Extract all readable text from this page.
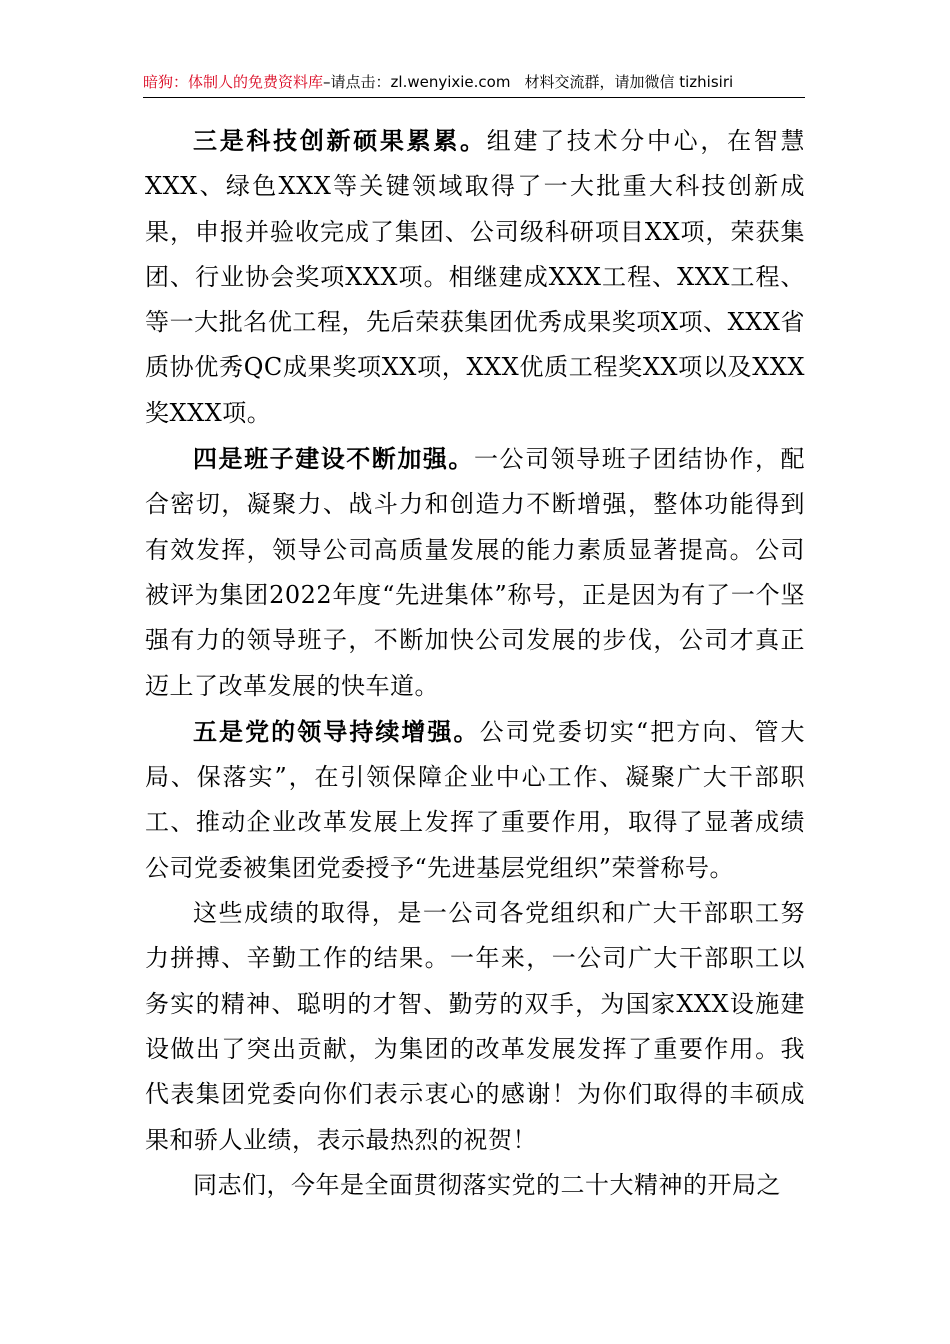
暗狗：体制人的免费资料库–请点击：zl.wenyixie.com 材料交流群，请加微信 tizhisiri

三是科技创新硕果累累。组建了技术分中心，在智慧XXX、绿色XXX等关键领域取得了一大批重大科技创新成果，申报并验收完成了集团、公司级科研项目XX项，荣获集团、行业协会奖项XXX项。相继建成XXX工程、XXX工程、等一大批名优工程，先后荣获集团优秀成果奖项X项、XXX省质协优秀QC成果奖项XX项，XXX优质工程奖XX项以及XXX奖XXX项。

四是班子建设不断加强。一公司领导班子团结协作，配合密切，凝聚力、战斗力和创造力不断增强，整体功能得到有效发挥，领导公司高质量发展的能力素质显著提高。公司被评为集团2022年度“先进集体”称号，正是因为有了一个坚强有力的领导班子，不断加快公司发展的步伐，公司才真正迈上了改革发展的快车道。

五是党的领导持续增强。公司党委切实“把方向、管大局、保落实”，在引领保障企业中心工作、凝聚广大干部职工、推动企业改革发展上发挥了重要作用，取得了显著成绩公司党委被集团党委授予“先进基层党组织”荣誉称号。

这些成绩的取得，是一公司各党组织和广大干部职工努力拼搏、辛勤工作的结果。一年来，一公司广大干部职工以务实的精神、聪明的才智、勤劳的双手，为国家XXX设施建设做出了突出贡献，为集团的改革发展发挥了重要作用。我代表集团党委向你们表示衷心的感谢！为你们取得的丰硕成果和骄人业绩，表示最热烈的祝贺！

同志们，今年是全面贯彻落实党的二十大精神的开局之
